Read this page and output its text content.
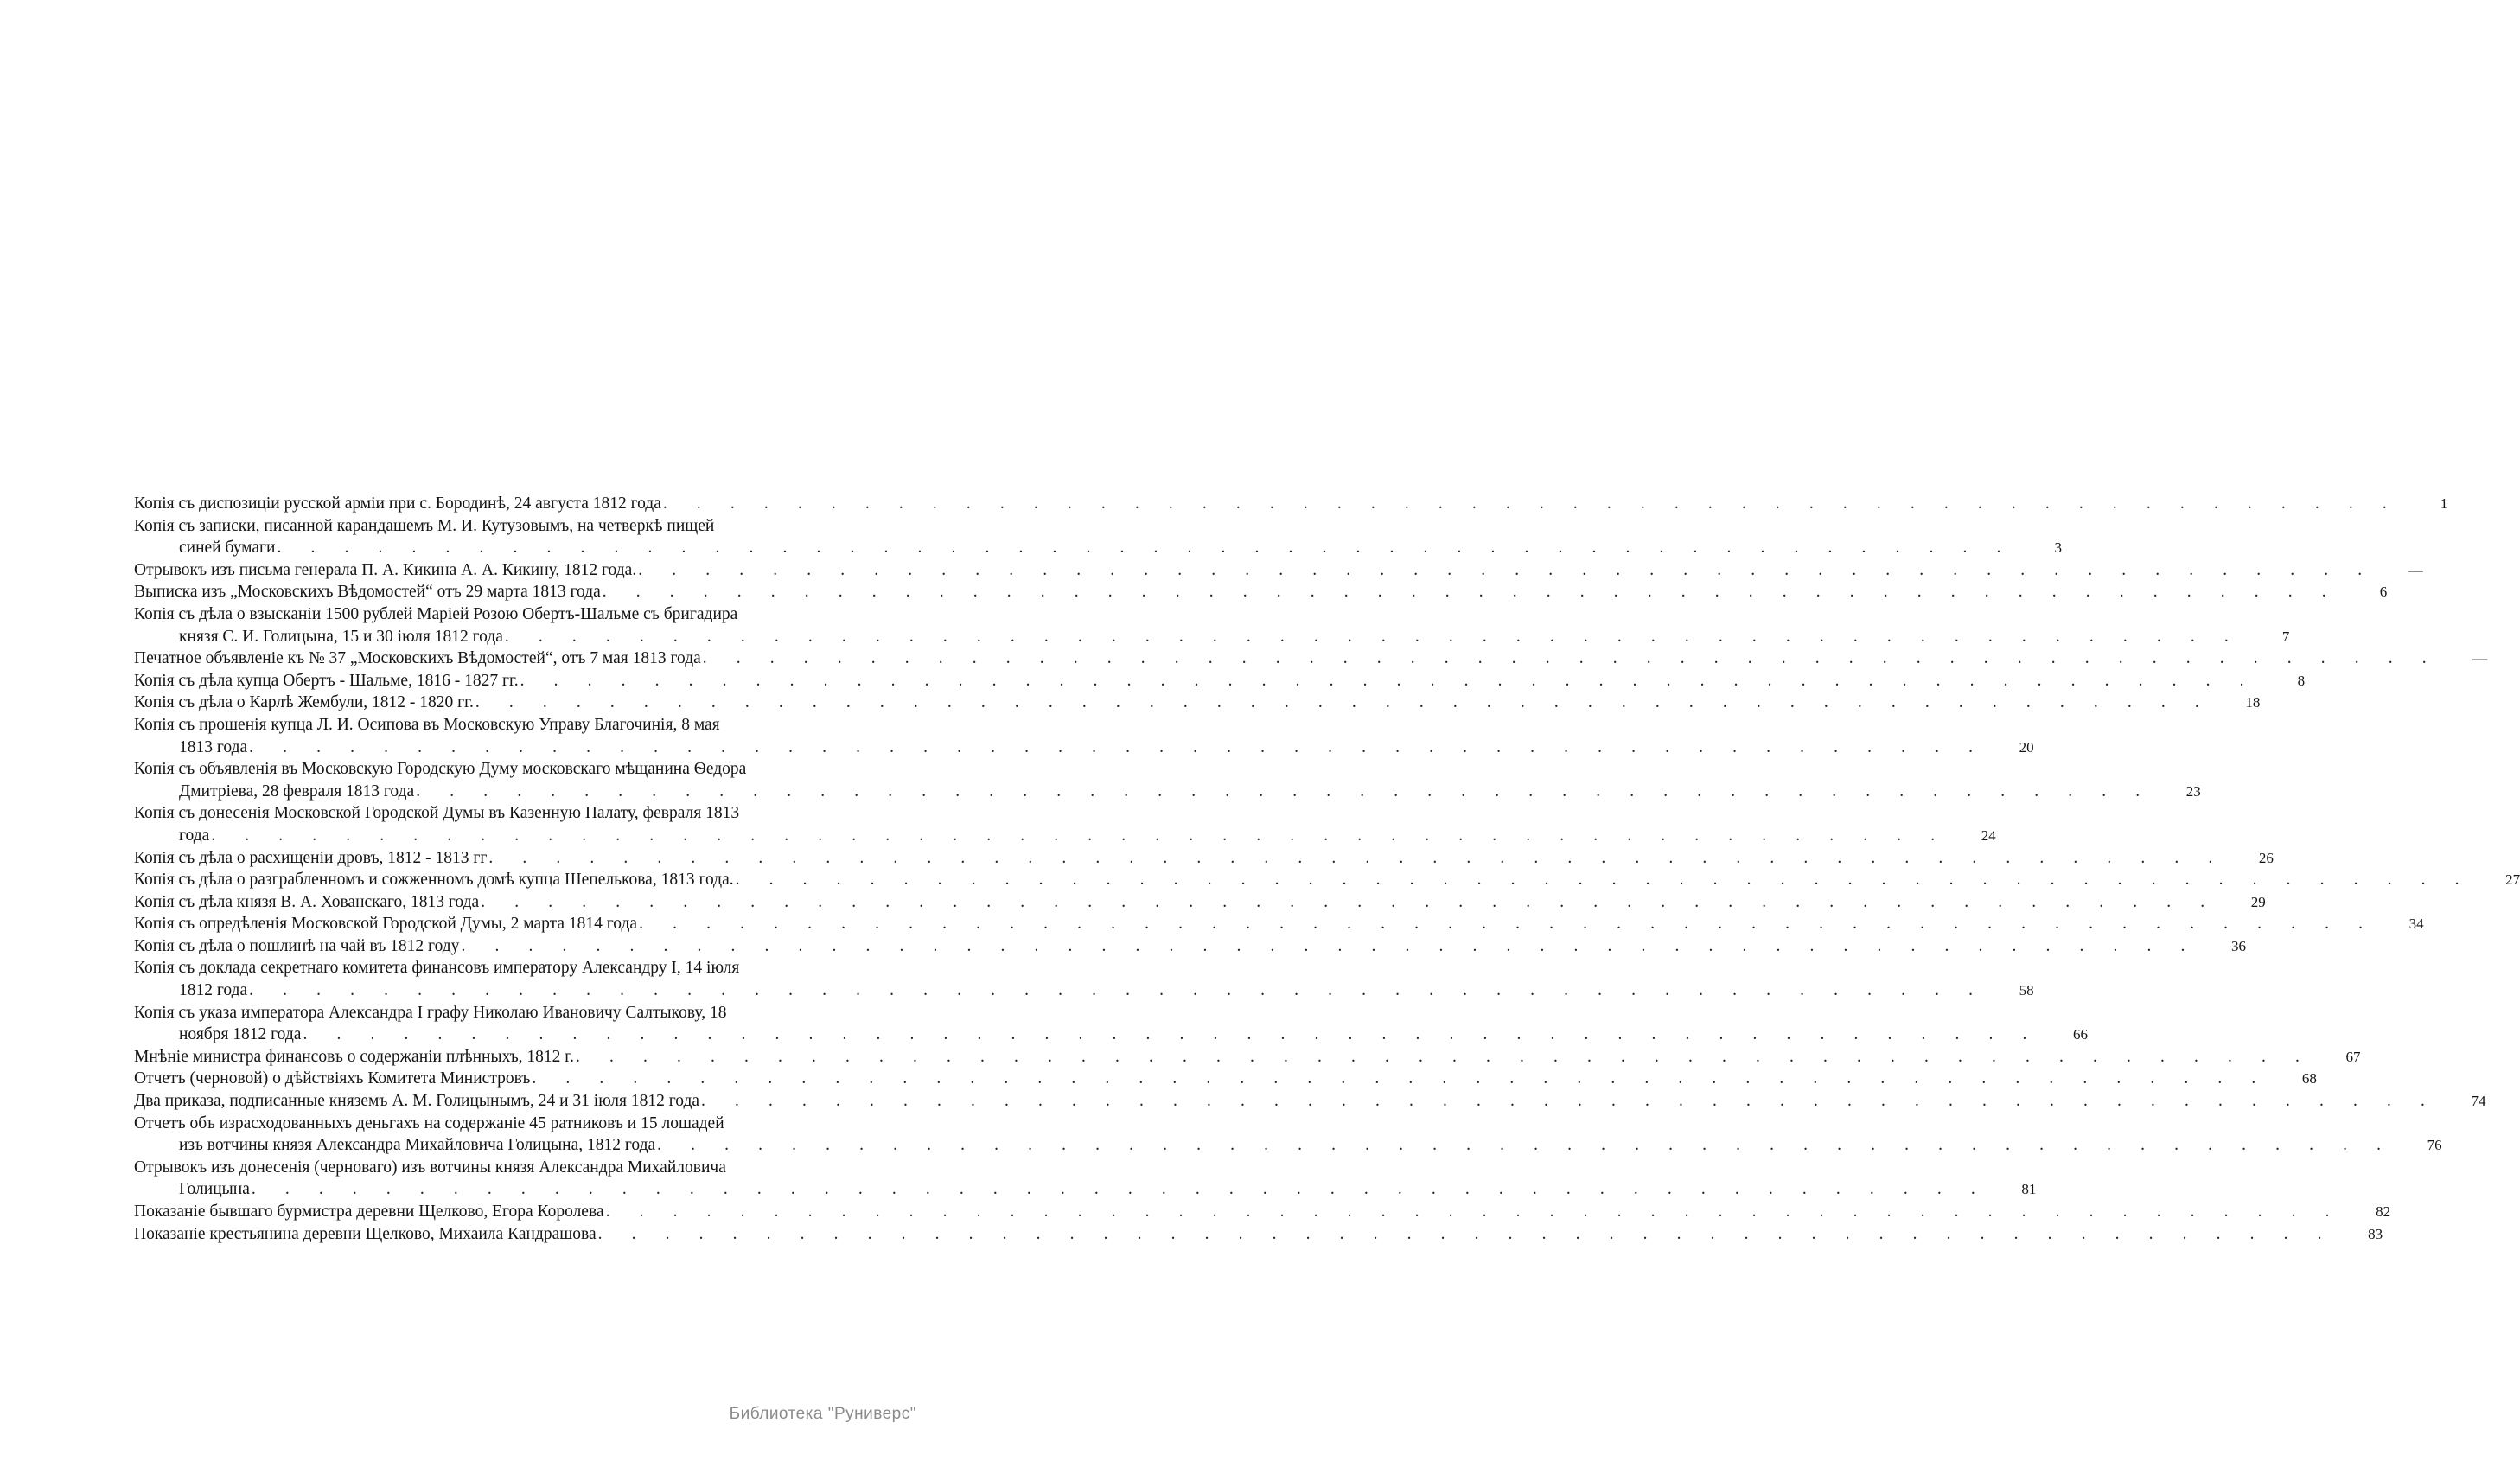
Копія съ диспозиціи русской арміи при с. Бородинѣ, 24 августа 1812 года . . . . . . . . . . . . . . . . . . . . . . . . . . . . . . . . . . . . . . . . . . . . . . . . . . . .	1
Копія съ записки, писанной карандашемъ М. И. Кутузовымъ, на четверкѣ пищей
синей бумаги . . . . . . . . . . . . . . . . . . . . . . . . . . . . . . . . . . . . . . . . . . . . . . . . . . . .	3
Отрывокъ изъ письма генерала П. А. Кикина А. А. Кикину, 1812 года. . . . . . . . . . . . . . . . . . . . . . . . . . . . . . . . . . . . . . . . . . . . . . . . . . . . .	—
Выписка изъ „Московскихъ Вѣдомостей“ отъ 29 марта 1813 года . . . . . . . . . . . . . . . . . . . . . . . . . . . . . . . . . . . . . . . . . . . . . . . . . . . .	6
Копія съ дѣла о взысканіи 1500 рублей Маріей Розою Обертъ-Шальме съ бригадира
князя С. И. Голицына, 15 и 30 іюля 1812 года . . . . . . . . . . . . . . . . . . . . . . . . . . . . . . . . . . . . . . . . . . . . . . . . . . . .	7
Печатное объявленіе къ № 37 „Московскихъ Вѣдомостей“, отъ 7 мая 1813 года . . . . . . . . . . . . . . . . . . . . . . . . . . . . . . . . . . . . . . . . . . . . . . . . . . . .	—
Копія съ дѣла купца Обертъ - Шальме, 1816 - 1827 гг. . . . . . . . . . . . . . . . . . . . . . . . . . . . . . . . . . . . . . . . . . . . . . . . . . . . .	8
Копія съ дѣла о Карлѣ Жембули, 1812 - 1820 гг. . . . . . . . . . . . . . . . . . . . . . . . . . . . . . . . . . . . . . . . . . . . . . . . . . . . .	18
Копія съ прошенія купца Л. И. Осипова въ Московскую Управу Благочинія, 8 мая
1813 года . . . . . . . . . . . . . . . . . . . . . . . . . . . . . . . . . . . . . . . . . . . . . . . . . . . .	20
Копія съ объявленія въ Московскую Городскую Думу московскаго мѣщанина Ѳедора
Дмитріева, 28 февраля 1813 года . . . . . . . . . . . . . . . . . . . . . . . . . . . . . . . . . . . . . . . . . . . . . . . . . . . .	23
Копія съ донесенія Московской Городской Думы въ Казенную Палату, февраля 1813
года . . . . . . . . . . . . . . . . . . . . . . . . . . . . . . . . . . . . . . . . . . . . . . . . . . . .	24
Копія съ дѣла о расхищеніи дровъ, 1812 - 1813 гг . . . . . . . . . . . . . . . . . . . . . . . . . . . . . . . . . . . . . . . . . . . . . . . . . . . .	26
Копія съ дѣла о разграбленномъ и сожженномъ домѣ купца Шепелькова, 1813 года. . . . . . . . . . . . . . . . . . . . . . . . . . . . . . . . . . . . . . . . . . . . . . . . . . . . .	27
Копія съ дѣла князя В. А. Хованскаго, 1813 года . . . . . . . . . . . . . . . . . . . . . . . . . . . . . . . . . . . . . . . . . . . . . . . . . . . .	29
Копія съ опредѣленія Московской Городской Думы, 2 марта 1814 года . . . . . . . . . . . . . . . . . . . . . . . . . . . . . . . . . . . . . . . . . . . . . . . . . . . .	34
Копія съ дѣла о пошлинѣ на чай въ 1812 году . . . . . . . . . . . . . . . . . . . . . . . . . . . . . . . . . . . . . . . . . . . . . . . . . . . .	36
Копія съ доклада секретнаго комитета финансовъ императору Александру I, 14 іюля
1812 года . . . . . . . . . . . . . . . . . . . . . . . . . . . . . . . . . . . . . . . . . . . . . . . . . . . .	58
Копія съ указа императора Александра I графу Николаю Ивановичу Салтыкову, 18
ноября 1812 года . . . . . . . . . . . . . . . . . . . . . . . . . . . . . . . . . . . . . . . . . . . . . . . . . . . .	66
Мнѣніе министра финансовъ о содержаніи плѣнныхъ, 1812 г. . . . . . . . . . . . . . . . . . . . . . . . . . . . . . . . . . . . . . . . . . . . . . . . . . . . .	67
Отчетъ (черновой) о дѣйствіяхъ Комитета Министровъ . . . . . . . . . . . . . . . . . . . . . . . . . . . . . . . . . . . . . . . . . . . . . . . . . . . .	68
Два приказа, подписанные княземъ А. М. Голицынымъ, 24 и 31 іюля 1812 года . . . . . . . . . . . . . . . . . . . . . . . . . . . . . . . . . . . . . . . . . . . . . . . . . . . .	74
Отчетъ объ израсходованныхъ деньгахъ на содержаніе 45 ратниковъ и 15 лошадей
изъ вотчины князя Александра Михайловича Голицына, 1812 года . . . . . . . . . . . . . . . . . . . . . . . . . . . . . . . . . . . . . . . . . . . . . . . . . . . .	76
Отрывокъ изъ донесенія (черноваго) изъ вотчины князя Александра Михайловича
Голицына . . . . . . . . . . . . . . . . . . . . . . . . . . . . . . . . . . . . . . . . . . . . . . . . . . . .	81
Показаніе бывшаго бурмистра деревни Щелково, Егора Королева . . . . . . . . . . . . . . . . . . . . . . . . . . . . . . . . . . . . . . . . . . . . . . . . . . . .	82
Показаніе крестьянина деревни Щелково, Михаила Кандрашова . . . . . . . . . . . . . . . . . . . . . . . . . . . . . . . . . . . . . . . . . . . . . . . . . . . .	83
Библиотека "Руниверс"
